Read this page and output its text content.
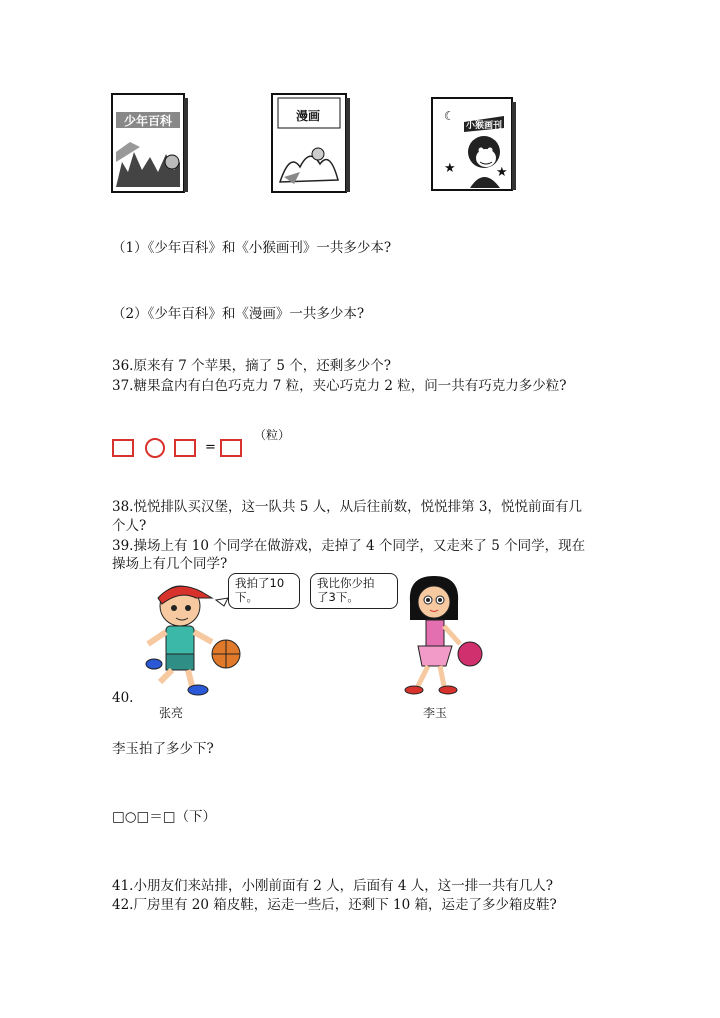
少年百科	漫画	☾
★	★
小猴画刊
（1）《少年百科》和《小猴画刊》一共多少本?
（2）《少年百科》和《漫画》一共多少本?
36.原来有 7 个苹果，摘了 5 个，还剩多少个?
37.糖果盒内有白色巧克力 7 粒，夹心巧克力 2 粒，问一共有巧克力多少粒?
=
（粒）
38.悦悦排队买汉堡，这一队共 5 人，从后往前数，悦悦排第 3，悦悦前面有几
个人?
39.操场上有 10 个同学在做游戏，走掉了 4 个同学，又走来了 5 个同学，现在
操场上有几个同学?
我拍了10
下。
我比你少拍
了3下。
40.
张亮	李玉
李玉拍了多少下?
□○□＝□（下）
41.小朋友们来站排，小刚前面有 2 人，后面有 4 人，这一排一共有几人?
42.厂房里有 20 箱皮鞋，运走一些后，还剩下 10 箱，运走了多少箱皮鞋?
